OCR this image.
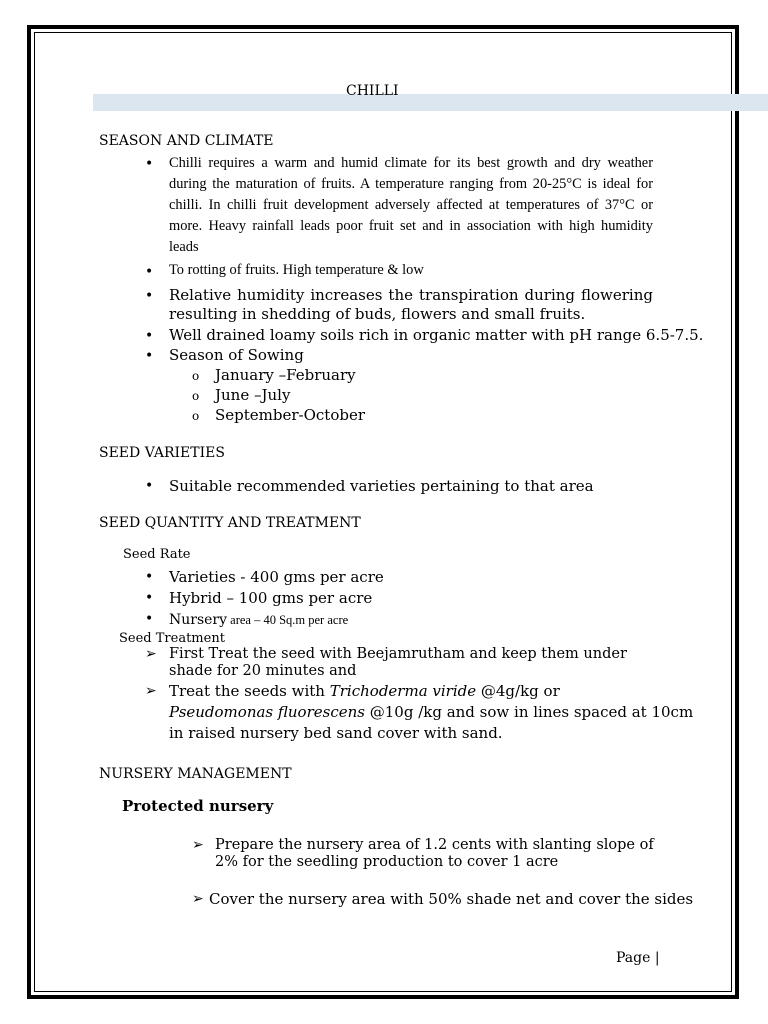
CHILLI
SEASON AND CLIMATE
• Chilli requires a warm and humid climate for its best growth and dry weather during the maturation of fruits. A temperature ranging from 20-25°C is ideal for chilli. In chilli fruit development adversely affected at temperatures of 37°C or more. Heavy rainfall leads poor fruit set and in association with high humidity leads
• To rotting of fruits. High temperature & low
• Relative humidity increases the transpiration during flowering resulting in shedding of buds, flowers and small fruits.
• Well drained loamy soils rich in organic matter with pH range 6.5-7.5.
• Season of Sowing
o January –February
o June –July
o September-October
SEED VARIETIES
• Suitable recommended varieties pertaining to that area
SEED QUANTITY AND TREATMENT
Seed Rate
• Varieties - 400 gms per acre
• Hybrid – 100 gms per acre
• Nursery area – 40 Sq.m per acre
Seed Treatment
➢ First Treat the seed with Beejamrutham and keep them under shade for 20 minutes and
➢ Treat the seeds with Trichoderma viride @4g/kg or
Pseudomonas fluorescens @10g /kg and sow in lines spaced at 10cm
in raised nursery bed sand cover with sand.
NURSERY MANAGEMENT
Protected nursery
➢ Prepare the nursery area of 1.2 cents with slanting slope of 2% for the seedling production to cover 1 acre
➢ Cover the nursery area with 50% shade net and cover the sides
Page |
